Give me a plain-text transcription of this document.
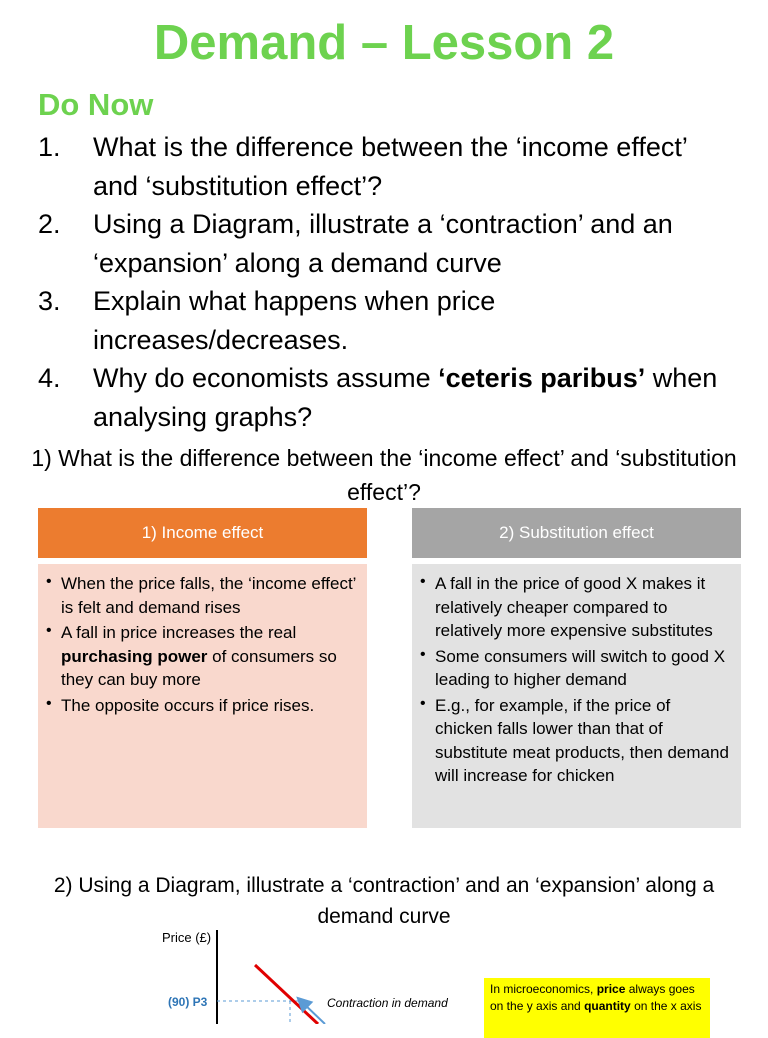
Demand – Lesson 2
Do Now
1.	What is the difference between the ‘income effect’ and ‘substitution effect’?
2.	Using a Diagram, illustrate a ‘contraction’ and an ‘expansion’ along a demand curve
3.	Explain what happens when price increases/decreases.
4.	Why do economists assume ‘ceteris paribus’ when analysing graphs?
1) What is the difference between the ‘income effect’ and ‘substitution effect’?
1) Income effect
• When the price falls, the ‘income effect’ is felt and demand rises
• A fall in price increases the real purchasing power of consumers so they can buy more
• The opposite occurs if price rises.
2) Substitution effect
• A fall in the price of good X makes it relatively cheaper compared to relatively more expensive substitutes
• Some consumers will switch to good X leading to higher demand
• E.g., for example, if the price of chicken falls lower than that of substitute meat products, then demand will increase for chicken
2) Using a Diagram, illustrate a ‘contraction’ and an ‘expansion’ along a demand curve
Price (£)
(90) P3	Contraction in demand
In microeconomics, price always goes on the y axis and quantity on the x axis
